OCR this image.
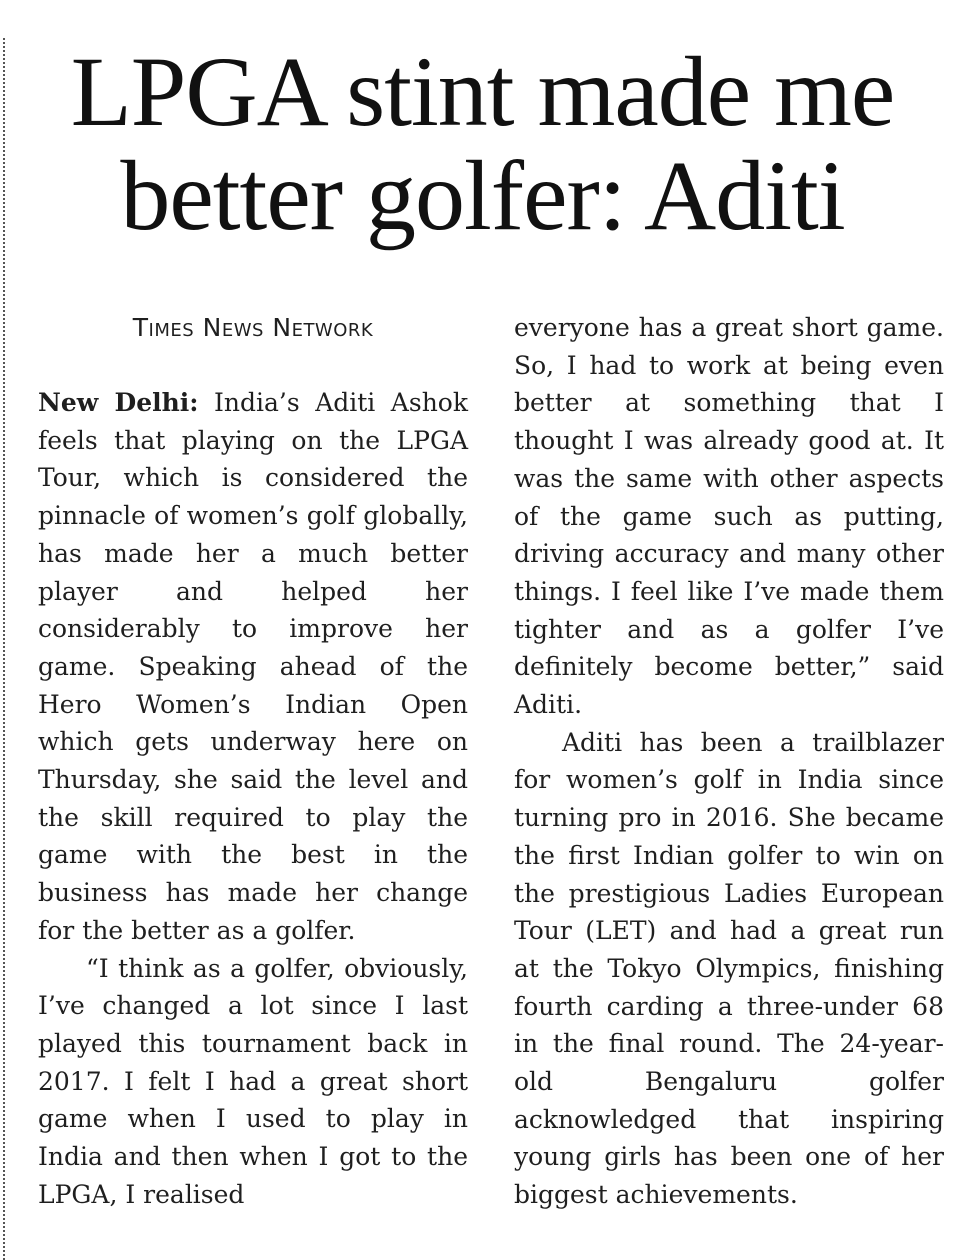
LPGA stint made me better golfer: Aditi
Times News Network

New Delhi: India’s Aditi Ashok feels that playing on the LPGA Tour, which is considered the pinnacle of women’s golf globally, has made her a much better player and helped her considerably to improve her game. Speaking ahead of the Hero Women’s Indian Open which gets underway here on Thursday, she said the level and the skill required to play the game with the best in the business has made her change for the better as a golfer.

“I think as a golfer, obviously, I’ve changed a lot since I last played this tournament back in 2017. I felt I had a great short game when I used to play in India and then when I got to the LPGA, I realised

everyone has a great short game. So, I had to work at being even better at something that I thought I was already good at. It was the same with other aspects of the game such as putting, driving accuracy and many other things. I feel like I’ve made them tighter and as a golfer I’ve definitely become better,” said Aditi.

Aditi has been a trailblazer for women’s golf in India since turning pro in 2016. She became the first Indian golfer to win on the prestigious Ladies European Tour (LET) and had a great run at the Tokyo Olympics, finishing fourth carding a three-under 68 in the final round. The 24-year-old Bengaluru golfer acknowledged that inspiring young girls has been one of her biggest achievements.
